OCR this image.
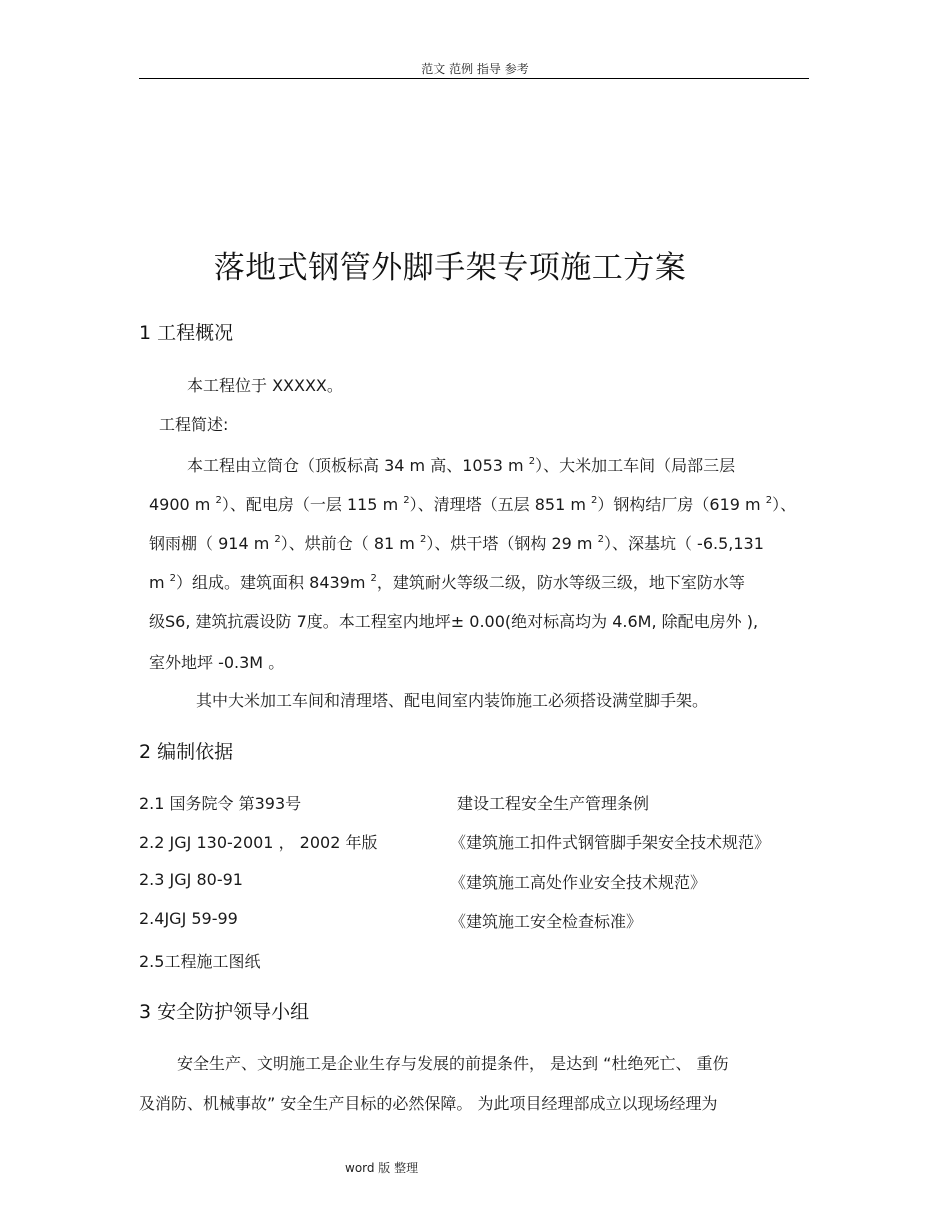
范文 范例 指导 参考
落地式钢管外脚手架专项施工方案
1 工程概况
本工程位于 XXXXX。
工程简述:
本工程由立筒仓（顶板标高 34 m 高、1053 m $^2$）、大米加工车间（局部三层
4900 m $^2$）、配电房（一层 115 m $^2$）、清理塔（五层 851 m $^2$）钢构结厂房（619 m $^2$）、
钢雨棚（ 914 m $^2$）、烘前仓（ 81 m $^2$）、烘干塔（钢构 29 m $^2$）、深基坑（ -6.5,131
m $^2$）组成。建筑面积 8439m $^2$，建筑耐火等级二级，防水等级三级，地下室防水等
级S6, 建筑抗震设防 7度。本工程室内地坪± 0.00(绝对标高均为 4.6M, 除配电房外 ),
室外地坪 -0.3M 。
其中大米加工车间和清理塔、配电间室内装饰施工必须搭设满堂脚手架。
2 编制依据
2.1 国务院令 第393号	建设工程安全生产管理条例
2.2 JGJ 130-2001 ， 2002 年版	《建筑施工扣件式钢管脚手架安全技术规范》
2.3 JGJ 80-91	《建筑施工高处作业安全技术规范》
2.4JGJ 59-99	《建筑施工安全检查标准》
2.5工程施工图纸
3 安全防护领导小组
安全生产、文明施工是企业生存与发展的前提条件， 是达到 “杜绝死亡、 重伤
及消防、机械事故” 安全生产目标的必然保障。 为此项目经理部成立以现场经理为
word 版 整理
